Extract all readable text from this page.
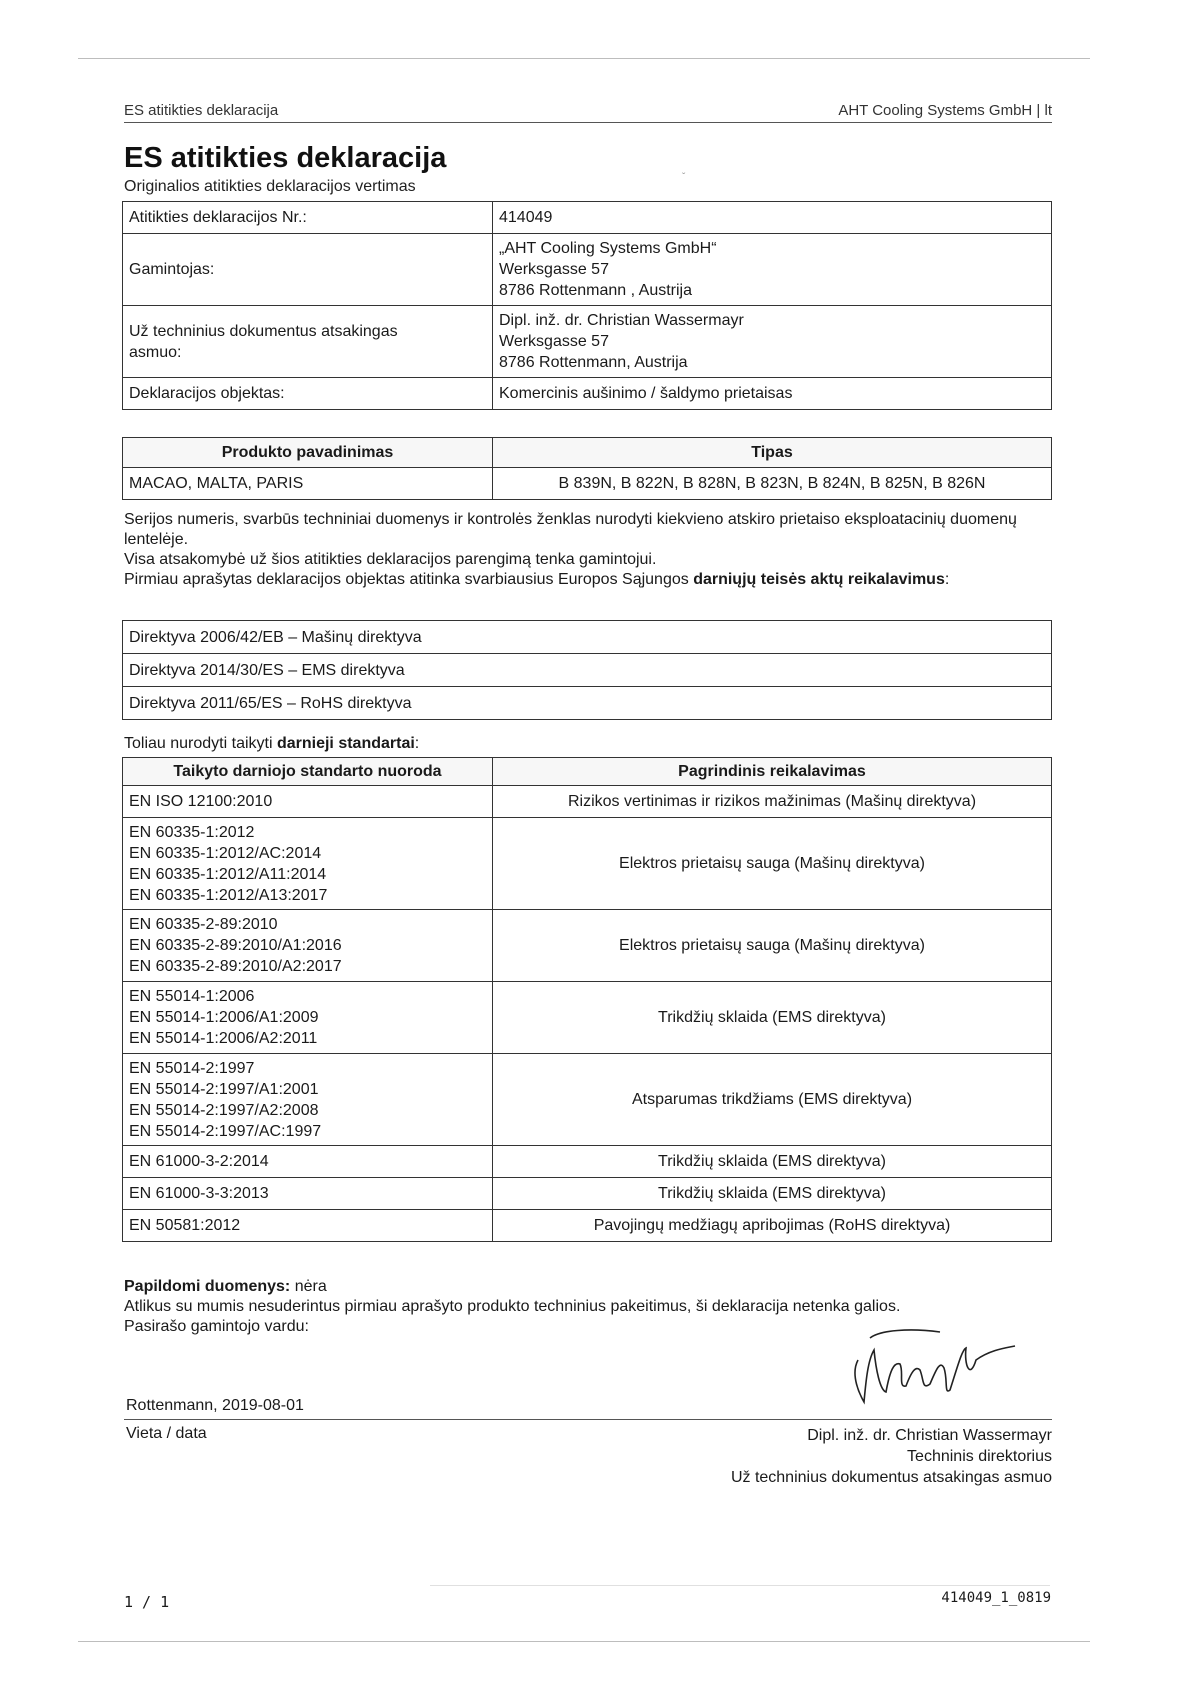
ES atitikties deklaracija	AHT Cooling Systems GmbH | lt
ES atitikties deklaracija
Originalios atitikties deklaracijos vertimas
ˇ
Atitikties deklaracijos Nr.:	414049
Gamintojas:	„AHT Cooling Systems GmbH“
Werksgasse 57
8786 Rottenmann , Austrija
Už techninius dokumentus atsakingas
asmuo:	Dipl. inž. dr. Christian Wassermayr
Werksgasse 57
8786 Rottenmann, Austrija
Deklaracijos objektas:	Komercinis aušinimo / šaldymo prietaisas
Produkto pavadinimas	Tipas
MACAO, MALTA, PARIS	B 839N, B 822N, B 828N, B 823N, B 824N, B 825N, B 826N
Serijos numeris, svarbūs techniniai duomenys ir kontrolės ženklas nurodyti kiekvieno atskiro prietaiso eksploatacinių duomenų lentelėje.
Visa atsakomybė už šios atitikties deklaracijos parengimą tenka gamintojui.
Pirmiau aprašytas deklaracijos objektas atitinka svarbiausius Europos Sąjungos darniųjų teisės aktų reikalavimus:
Direktyva 2006/42/EB – Mašinų direktyva
Direktyva 2014/30/ES – EMS direktyva
Direktyva 2011/65/ES – RoHS direktyva
Toliau nurodyti taikyti darnieji standartai:
Taikyto darniojo standarto nuoroda	Pagrindinis reikalavimas
EN ISO 12100:2010	Rizikos vertinimas ir rizikos mažinimas (Mašinų direktyva)
EN 60335-1:2012
EN 60335-1:2012/AC:2014
EN 60335-1:2012/A11:2014
EN 60335-1:2012/A13:2017	Elektros prietaisų sauga (Mašinų direktyva)
EN 60335-2-89:2010
EN 60335-2-89:2010/A1:2016
EN 60335-2-89:2010/A2:2017	Elektros prietaisų sauga (Mašinų direktyva)
EN 55014-1:2006
EN 55014-1:2006/A1:2009
EN 55014-1:2006/A2:2011	Trikdžių sklaida (EMS direktyva)
EN 55014-2:1997
EN 55014-2:1997/A1:2001
EN 55014-2:1997/A2:2008
EN 55014-2:1997/AC:1997	Atsparumas trikdžiams (EMS direktyva)
EN 61000-3-2:2014	Trikdžių sklaida (EMS direktyva)
EN 61000-3-3:2013	Trikdžių sklaida (EMS direktyva)
EN 50581:2012	Pavojingų medžiagų apribojimas (RoHS direktyva)
Papildomi duomenys: nėra
Atlikus su mumis nesuderintus pirmiau aprašyto produkto techninius pakeitimus, ši deklaracija netenka galios.
Pasirašo gamintojo vardu:
Rottenmann, 2019-08-01
Vieta / data	Dipl. inž. dr. Christian Wassermayr
Techninis direktorius
Už techninius dokumentus atsakingas asmuo
1 / 1	414049_1_0819
